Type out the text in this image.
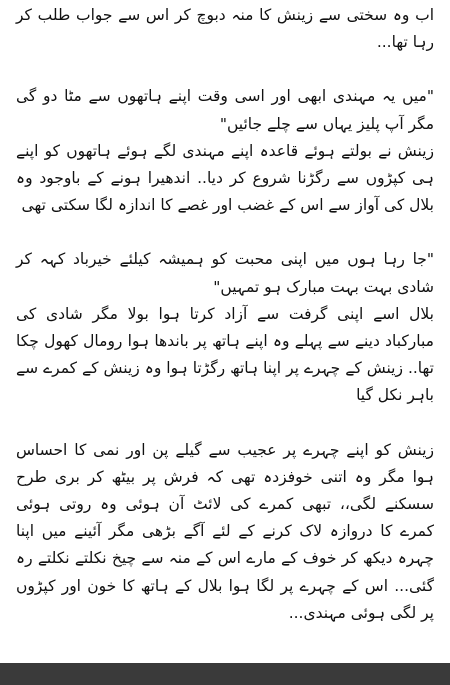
اب وہ سختی سے زینش کا منہ دبوچ کر اس سے جواب طلب کر رہا تھا...

"میں یہ مہندی ابھی اور اسی وقت اپنے ہاتھوں سے مٹا دو گی مگر آپ پلیز یہاں سے چلے جائیں"

زینش نے بولتے ہوئے قاعدہ اپنے مہندی لگے ہوئے ہاتھوں کو اپنے ہی کپڑوں سے رگڑنا شروع کر دیا.. اندھیرا ہونے کے باوجود وہ بلال کی آواز سے اس کے غضب اور غصے کا اندازہ لگا سکتی تھی

"جا رہا ہوں میں اپنی محبت کو ہمیشہ کیلئے خیرباد کہہ کر شادی بہت بہت مبارک ہو تمہیں"

بلال اسے اپنی گرفت سے آزاد کرتا ہوا بولا مگر شادی کی مبارکباد دینے سے پہلے وہ اپنے ہاتھ پر باندھا ہوا رومال کھول چکا تھا.. زینش کے چہرے پر اپنا ہاتھ رگڑتا ہوا وہ زینش کے کمرے سے باہر نکل گیا

زینش کو اپنے چہرے پر عجیب سے گیلے پن اور نمی کا احساس ہوا مگر وہ اتنی خوفزدہ تھی کہ فرش پر بیٹھ کر بری طرح سسکنے لگی،، تبھی کمرے کی لائٹ آن ہوئی وہ روتی ہوئی کمرے کا دروازہ لاک کرنے کے لئے آگے بڑھی مگر آئینے میں اپنا چہرہ دیکھ کر خوف کے مارے اس کے منہ سے چیخ نکلتے نکلتے رہ گئی... اس کے چہرے پر لگا ہوا بلال کے ہاتھ کا خون اور کپڑوں پر لگی ہوئی مہندی...
